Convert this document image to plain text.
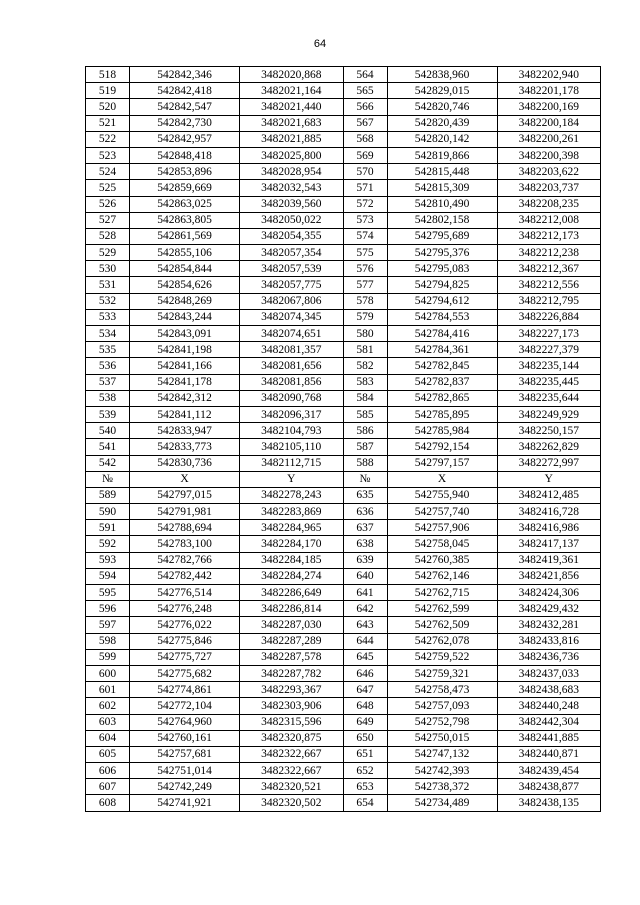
64
518	542842,346	3482020,868	564	542838,960	3482202,940
519	542842,418	3482021,164	565	542829,015	3482201,178
520	542842,547	3482021,440	566	542820,746	3482200,169
521	542842,730	3482021,683	567	542820,439	3482200,184
522	542842,957	3482021,885	568	542820,142	3482200,261
523	542848,418	3482025,800	569	542819,866	3482200,398
524	542853,896	3482028,954	570	542815,448	3482203,622
525	542859,669	3482032,543	571	542815,309	3482203,737
526	542863,025	3482039,560	572	542810,490	3482208,235
527	542863,805	3482050,022	573	542802,158	3482212,008
528	542861,569	3482054,355	574	542795,689	3482212,173
529	542855,106	3482057,354	575	542795,376	3482212,238
530	542854,844	3482057,539	576	542795,083	3482212,367
531	542854,626	3482057,775	577	542794,825	3482212,556
532	542848,269	3482067,806	578	542794,612	3482212,795
533	542843,244	3482074,345	579	542784,553	3482226,884
534	542843,091	3482074,651	580	542784,416	3482227,173
535	542841,198	3482081,357	581	542784,361	3482227,379
536	542841,166	3482081,656	582	542782,845	3482235,144
537	542841,178	3482081,856	583	542782,837	3482235,445
538	542842,312	3482090,768	584	542782,865	3482235,644
539	542841,112	3482096,317	585	542785,895	3482249,929
540	542833,947	3482104,793	586	542785,984	3482250,157
541	542833,773	3482105,110	587	542792,154	3482262,829
542	542830,736	3482112,715	588	542797,157	3482272,997
№	X	Y	№	X	Y
589	542797,015	3482278,243	635	542755,940	3482412,485
590	542791,981	3482283,869	636	542757,740	3482416,728
591	542788,694	3482284,965	637	542757,906	3482416,986
592	542783,100	3482284,170	638	542758,045	3482417,137
593	542782,766	3482284,185	639	542760,385	3482419,361
594	542782,442	3482284,274	640	542762,146	3482421,856
595	542776,514	3482286,649	641	542762,715	3482424,306
596	542776,248	3482286,814	642	542762,599	3482429,432
597	542776,022	3482287,030	643	542762,509	3482432,281
598	542775,846	3482287,289	644	542762,078	3482433,816
599	542775,727	3482287,578	645	542759,522	3482436,736
600	542775,682	3482287,782	646	542759,321	3482437,033
601	542774,861	3482293,367	647	542758,473	3482438,683
602	542772,104	3482303,906	648	542757,093	3482440,248
603	542764,960	3482315,596	649	542752,798	3482442,304
604	542760,161	3482320,875	650	542750,015	3482441,885
605	542757,681	3482322,667	651	542747,132	3482440,871
606	542751,014	3482322,667	652	542742,393	3482439,454
607	542742,249	3482320,521	653	542738,372	3482438,877
608	542741,921	3482320,502	654	542734,489	3482438,135
